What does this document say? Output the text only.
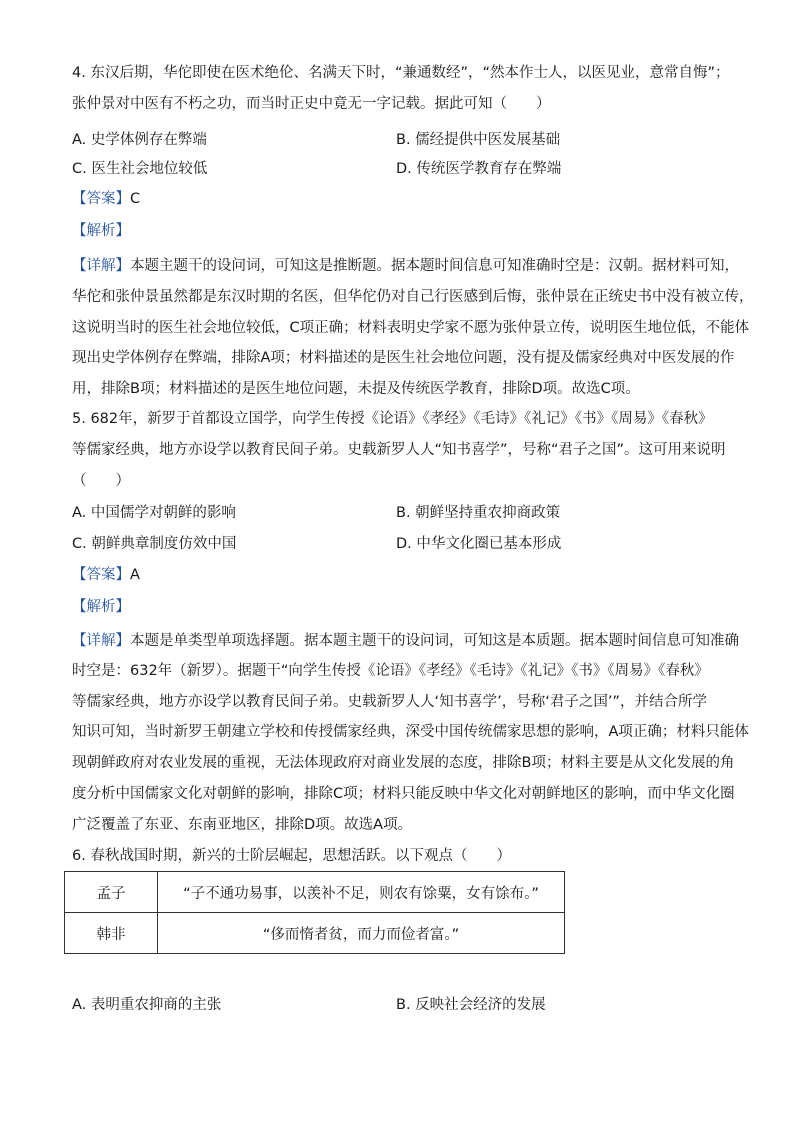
4. 东汉后期，华佗即使在医术绝伦、名满天下时，“兼通数经”，“然本作士人，以医见业，意常自悔”；
张仲景对中医有不朽之功，而当时正史中竟无一字记载。据此可知（　　）
A. 史学体例存在弊端	B. 儒经提供中医发展基础
C. 医生社会地位较低	D. 传统医学教育存在弊端
【答案】C
【解析】
【详解】本题主题干的设问词，可知这是推断题。据本题时间信息可知准确时空是：汉朝。据材料可知，
华佗和张仲景虽然都是东汉时期的名医，但华佗仍对自己行医感到后悔，张仲景在正统史书中没有被立传，
这说明当时的医生社会地位较低，C项正确；材料表明史学家不愿为张仲景立传，说明医生地位低，不能体
现出史学体例存在弊端，排除A项；材料描述的是医生社会地位问题，没有提及儒家经典对中医发展的作
用，排除B项；材料描述的是医生地位问题，未提及传统医学教育，排除D项。故选C项。
5. 682年，新罗于首都设立国学，向学生传授《论语》《孝经》《毛诗》《礼记》《书》《周易》《春秋》
等儒家经典，地方亦设学以教育民间子弟。史载新罗人人“知书喜学”，号称“君子之国”。这可用来说明
（　　）
A. 中国儒学对朝鲜的影响	B. 朝鲜坚持重农抑商政策
C. 朝鲜典章制度仿效中国	D. 中华文化圈已基本形成
【答案】A
【解析】
【详解】本题是单类型单项选择题。据本题主题干的设问词，可知这是本质题。据本题时间信息可知准确
时空是：632年（新罗）。据题干“向学生传授《论语》《孝经》《毛诗》《礼记》《书》《周易》《春秋》
等儒家经典，地方亦设学以教育民间子弟。史载新罗人人‘知书喜学’，号称‘君子之国’”，并结合所学
知识可知，当时新罗王朝建立学校和传授儒家经典，深受中国传统儒家思想的影响，A项正确；材料只能体
现朝鲜政府对农业发展的重视，无法体现政府对商业发展的态度，排除B项；材料主要是从文化发展的角
度分析中国儒家文化对朝鲜的影响，排除C项；材料只能反映中华文化对朝鲜地区的影响，而中华文化圈
广泛覆盖了东亚、东南亚地区，排除D项。故选A项。
6. 春秋战国时期，新兴的士阶层崛起，思想活跃。以下观点（　　）
孟子	“子不通功易事，以羡补不足，则农有馀粟，女有馀布。”
韩非	“侈而惰者贫，而力而俭者富。”
A. 表明重农抑商的主张	B. 反映社会经济的发展
